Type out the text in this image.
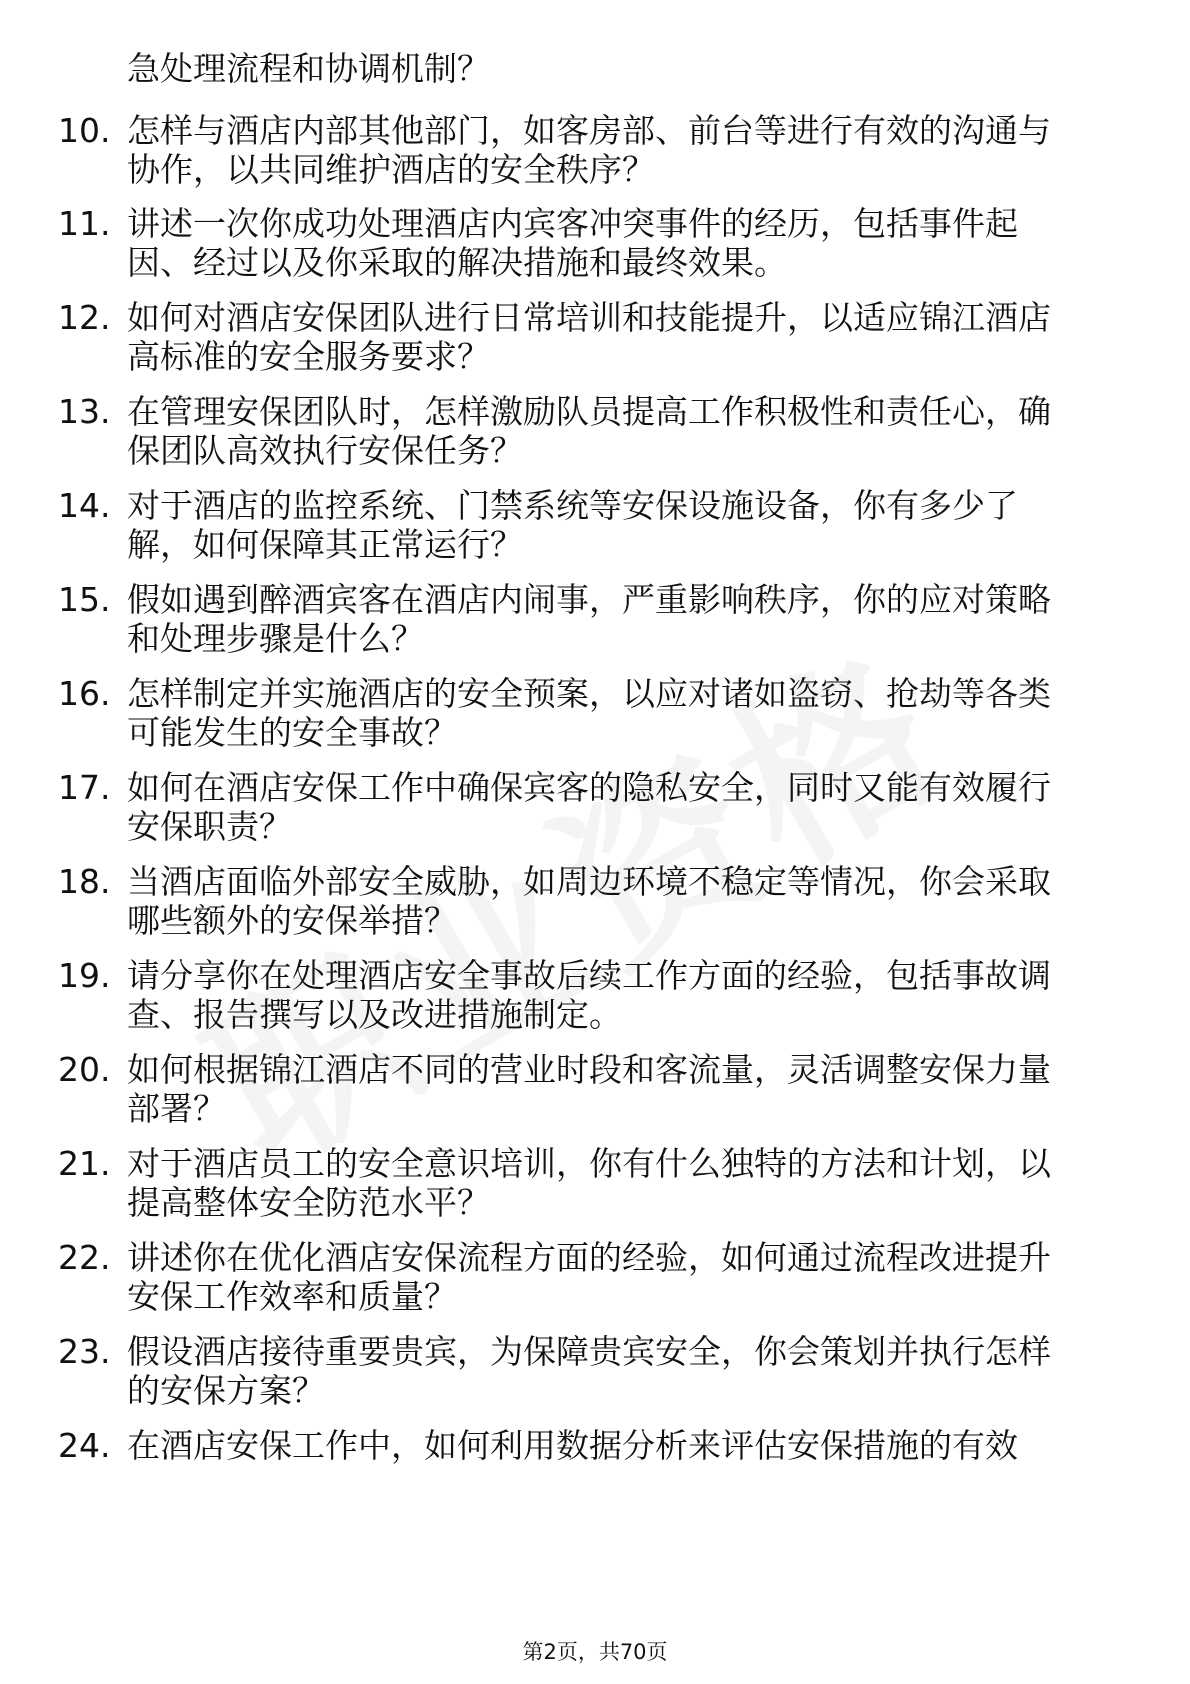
急处理流程和协调机制？
10. 怎样与酒店内部其他部门，如客房部、前台等进行有效的沟通与
协作，以共同维护酒店的安全秩序？
11. 讲述一次你成功处理酒店内宾客冲突事件的经历，包括事件起
因、经过以及你采取的解决措施和最终效果。
12. 如何对酒店安保团队进行日常培训和技能提升，以适应锦江酒店
高标准的安全服务要求？
13. 在管理安保团队时，怎样激励队员提高工作积极性和责任心，确
保团队高效执行安保任务？
14. 对于酒店的监控系统、门禁系统等安保设施设备，你有多少了
解，如何保障其正常运行？
15. 假如遇到醉酒宾客在酒店内闹事，严重影响秩序，你的应对策略
和处理步骤是什么？
16. 怎样制定并实施酒店的安全预案，以应对诸如盗窃、抢劫等各类
可能发生的安全事故？
17. 如何在酒店安保工作中确保宾客的隐私安全，同时又能有效履行
安保职责？
18. 当酒店面临外部安全威胁，如周边环境不稳定等情况，你会采取
哪些额外的安保举措？
19. 请分享你在处理酒店安全事故后续工作方面的经验，包括事故调
查、报告撰写以及改进措施制定。
20. 如何根据锦江酒店不同的营业时段和客流量，灵活调整安保力量
部署？
21. 对于酒店员工的安全意识培训，你有什么独特的方法和计划，以
提高整体安全防范水平？
22. 讲述你在优化酒店安保流程方面的经验，如何通过流程改进提升
安保工作效率和质量？
23. 假设酒店接待重要贵宾，为保障贵宾安全，你会策划并执行怎样
的安保方案？
24. 在酒店安保工作中，如何利用数据分析来评估安保措施的有效
第2页，共70页
